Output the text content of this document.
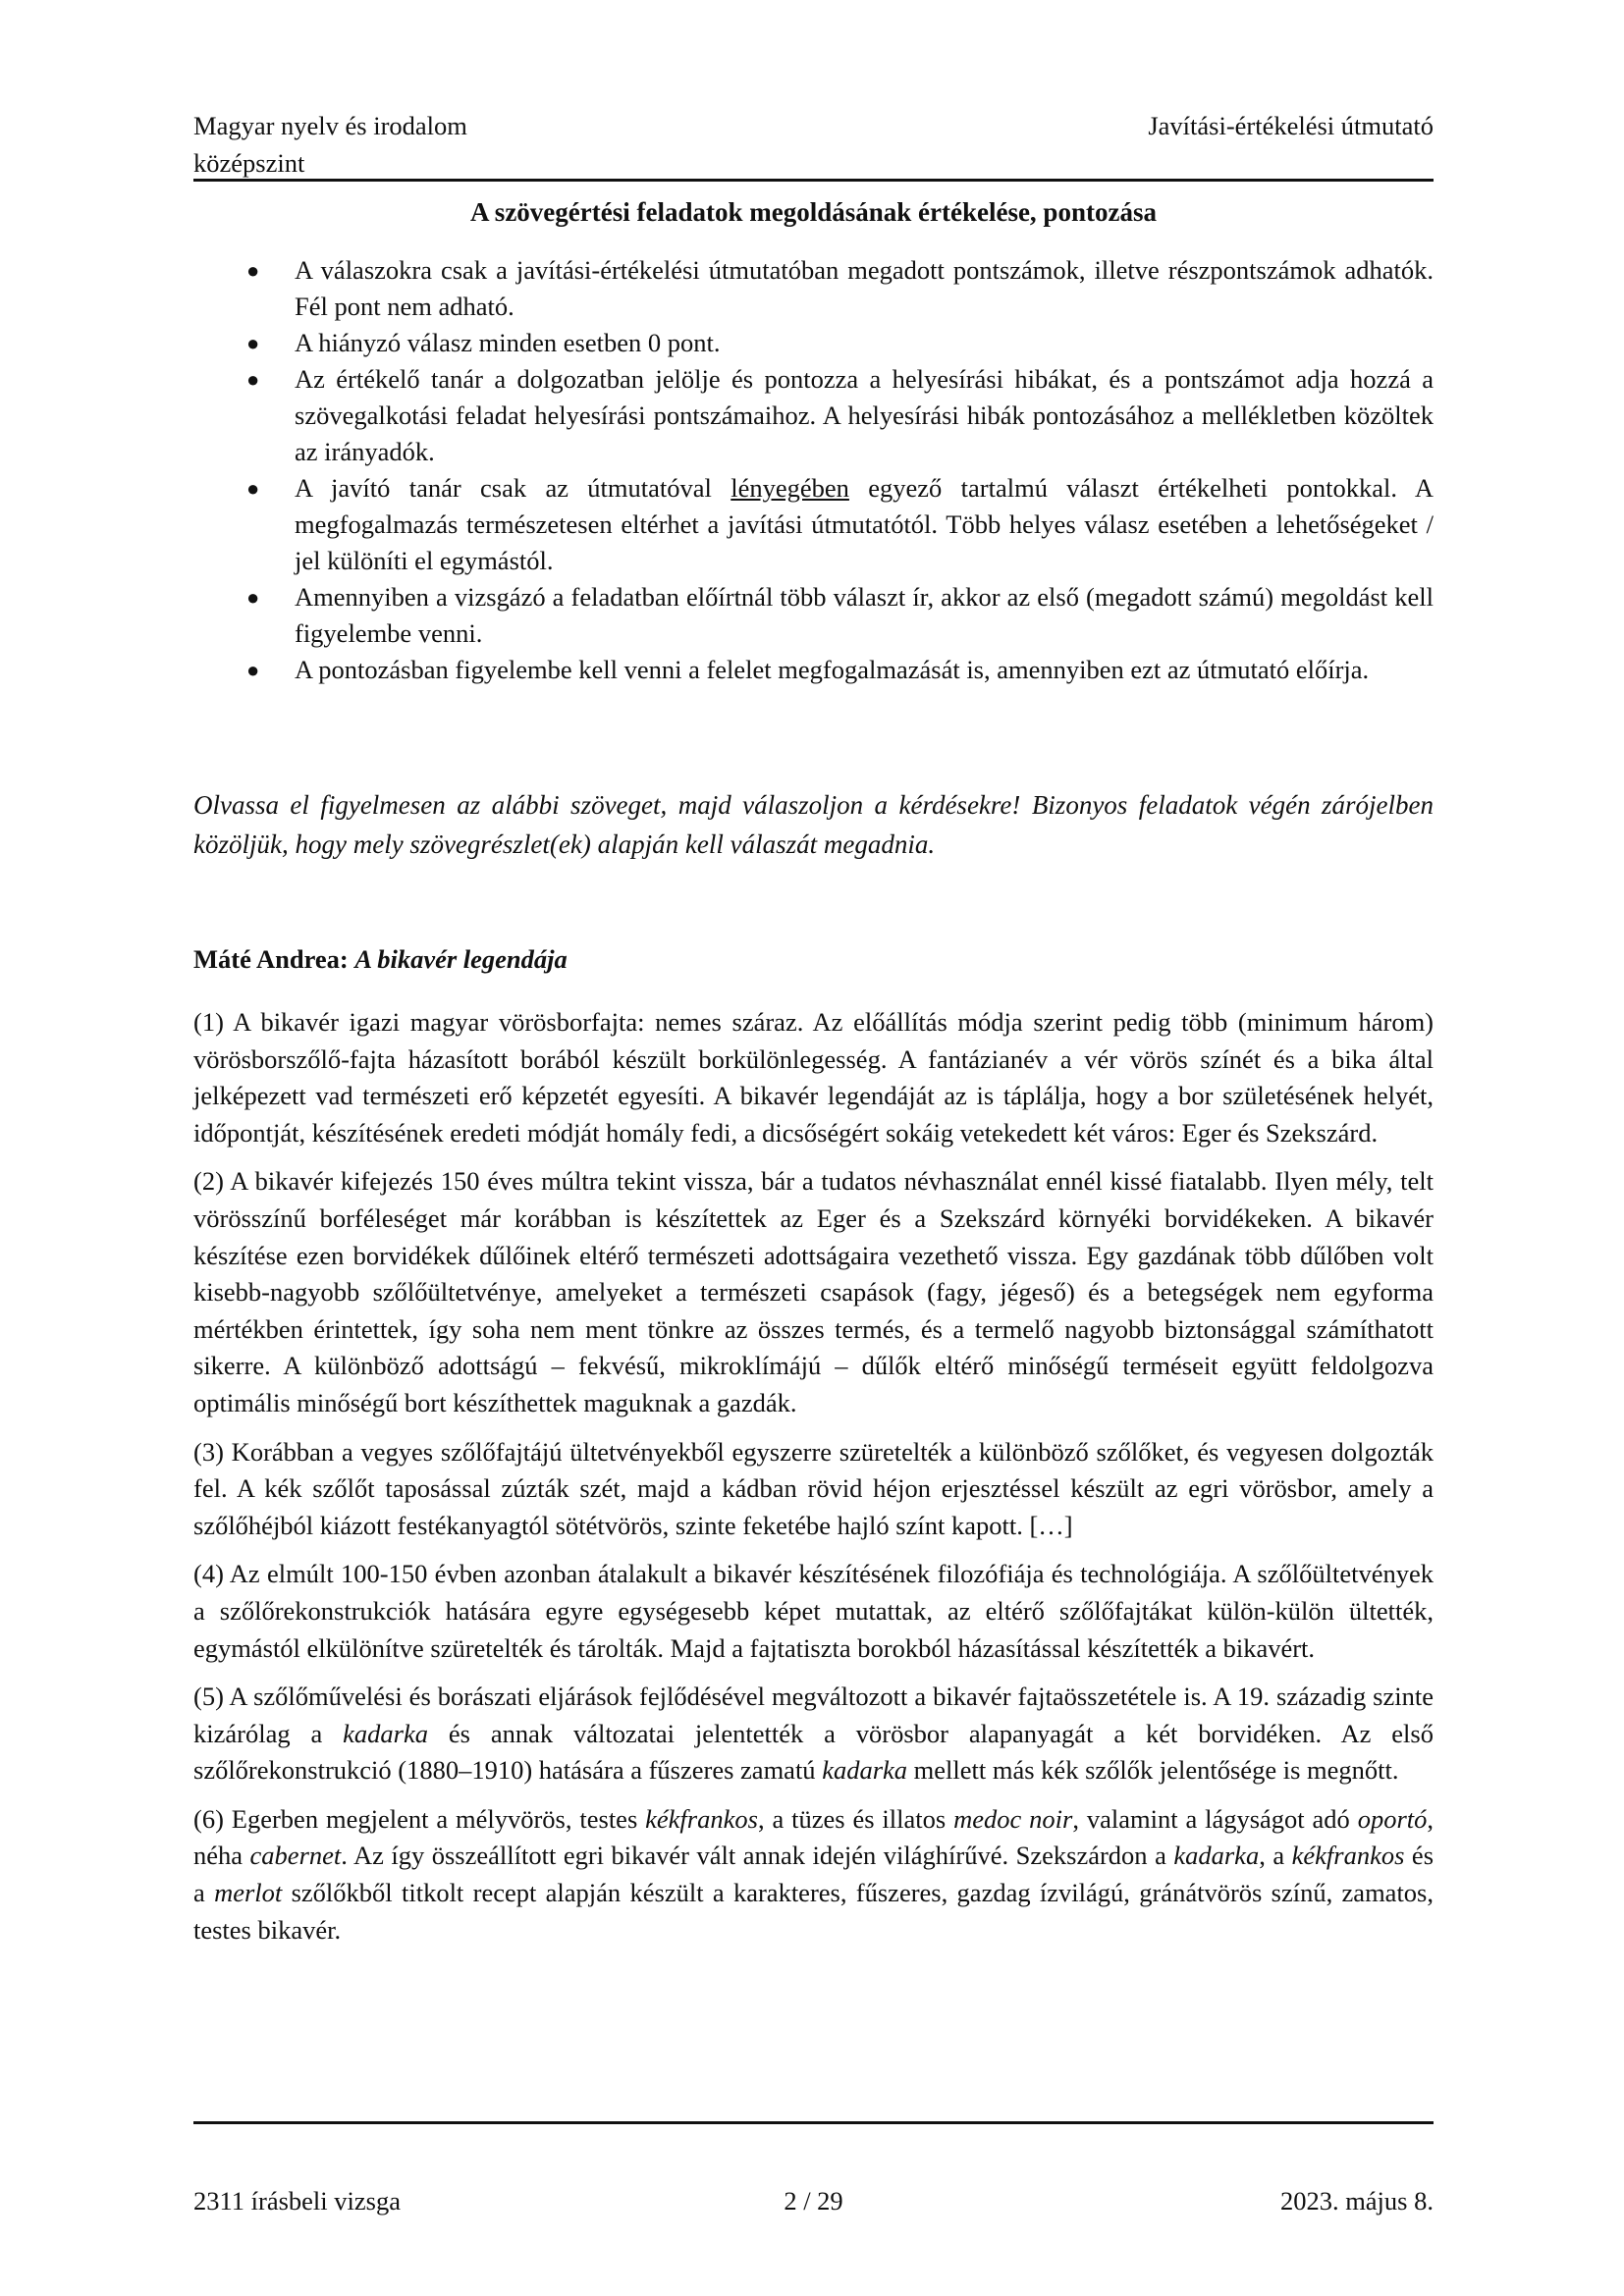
Magyar nyelv és irodalom
középszint
Javítási-értékelési útmutató
A szövegértési feladatok megoldásának értékelése, pontozása
● A válaszokra csak a javítási-értékelési útmutatóban megadott pontszámok, illetve részpontszámok adhatók. Fél pont nem adható.
● A hiányzó válasz minden esetben 0 pont.
● Az értékelő tanár a dolgozatban jelölje és pontozza a helyesírási hibákat, és a pontszámot adja hozzá a szövegalkotási feladat helyesírási pontszámaihoz. A helyesírási hibák pontozásához a mellékletben közöltek az irányadók.
● A javító tanár csak az útmutatóval lényegében egyező tartalmú választ értékelheti pontokkal. A megfogalmazás természetesen eltérhet a javítási útmutatótól. Több helyes válasz esetében a lehetőségeket / jel különíti el egymástól.
● Amennyiben a vizsgázó a feladatban előírtnál több választ ír, akkor az első (megadott számú) megoldást kell figyelembe venni.
● A pontozásban figyelembe kell venni a felelet megfogalmazását is, amennyiben ezt az útmutató előírja.
Olvassa el figyelmesen az alábbi szöveget, majd válaszoljon a kérdésekre! Bizonyos feladatok végén zárójelben közöljük, hogy mely szövegrészlet(ek) alapján kell válaszát megadnia.
Máté Andrea: A bikavér legendája

(1) A bikavér igazi magyar vörösborfajta: nemes száraz. Az előállítás módja szerint pedig több (minimum három) vörösborszőlő-fajta házasított borából készült borkülönlegesség. A fantázianév a vér vörös színét és a bika által jelképezett vad természeti erő képzetét egyesíti. A bikavér legendáját az is táplálja, hogy a bor születésének helyét, időpontját, készítésének eredeti módját homály fedi, a dicsőségért sokáig vetekedett két város: Eger és Szekszárd.

(2) A bikavér kifejezés 150 éves múltra tekint vissza, bár a tudatos névhasználat ennél kissé fiatalabb. Ilyen mély, telt vörösszínű borféleséget már korábban is készítettek az Eger és a Szekszárd környéki borvidékeken. A bikavér készítése ezen borvidékek dűlőinek eltérő természeti adottságaira vezethető vissza. Egy gazdának több dűlőben volt kisebb-nagyobb szőlőültetvénye, amelyeket a természeti csapások (fagy, jégeső) és a betegségek nem egyforma mértékben érintettek, így soha nem ment tönkre az összes termés, és a termelő nagyobb biztonsággal számíthatott sikerre. A különböző adottságú – fekvésű, mikroklímájú – dűlők eltérő minőségű terméseit együtt feldolgozva optimális minőségű bort készíthettek maguknak a gazdák.

(3) Korábban a vegyes szőlőfajtájú ültetvényekből egyszerre szüretelték a különböző szőlőket, és vegyesen dolgozták fel. A kék szőlőt taposással zúzták szét, majd a kádban rövid héjon erjesztéssel készült az egri vörösbor, amely a szőlőhéjból kiázott festékanyagtól sötétvörös, szinte feketébe hajló színt kapott. […]

(4) Az elmúlt 100-150 évben azonban átalakult a bikavér készítésének filozófiája és technológiája. A szőlőültetvények a szőlőrekonstrukciók hatására egyre egységesebb képet mutattak, az eltérő szőlőfajtákat külön-külön ültették, egymástól elkülönítve szüretelték és tárolták. Majd a fajtatiszta borokból házasítással készítették a bikavért.

(5) A szőlőművelési és borászati eljárások fejlődésével megváltozott a bikavér fajtaösszetétele is. A 19. századig szinte kizárólag a kadarka és annak változatai jelentették a vörösbor alapanyagát a két borvidéken. Az első szőlőrekonstrukció (1880–1910) hatására a fűszeres zamatú kadarka mellett más kék szőlők jelentősége is megnőtt.

(6) Egerben megjelent a mélyvörös, testes kékfrankos, a tüzes és illatos medoc noir, valamint a lágyságot adó oportó, néha cabernet. Az így összeállított egri bikavér vált annak idején világhírűvé. Szekszárdon a kadarka, a kékfrankos és a merlot szőlőkből titkolt recept alapján készült a karakteres, fűszeres, gazdag ízvilágú, gránátvörös színű, zamatos, testes bikavér.

2311 írásbeli vizsga	2 / 29	2023. május 8.
